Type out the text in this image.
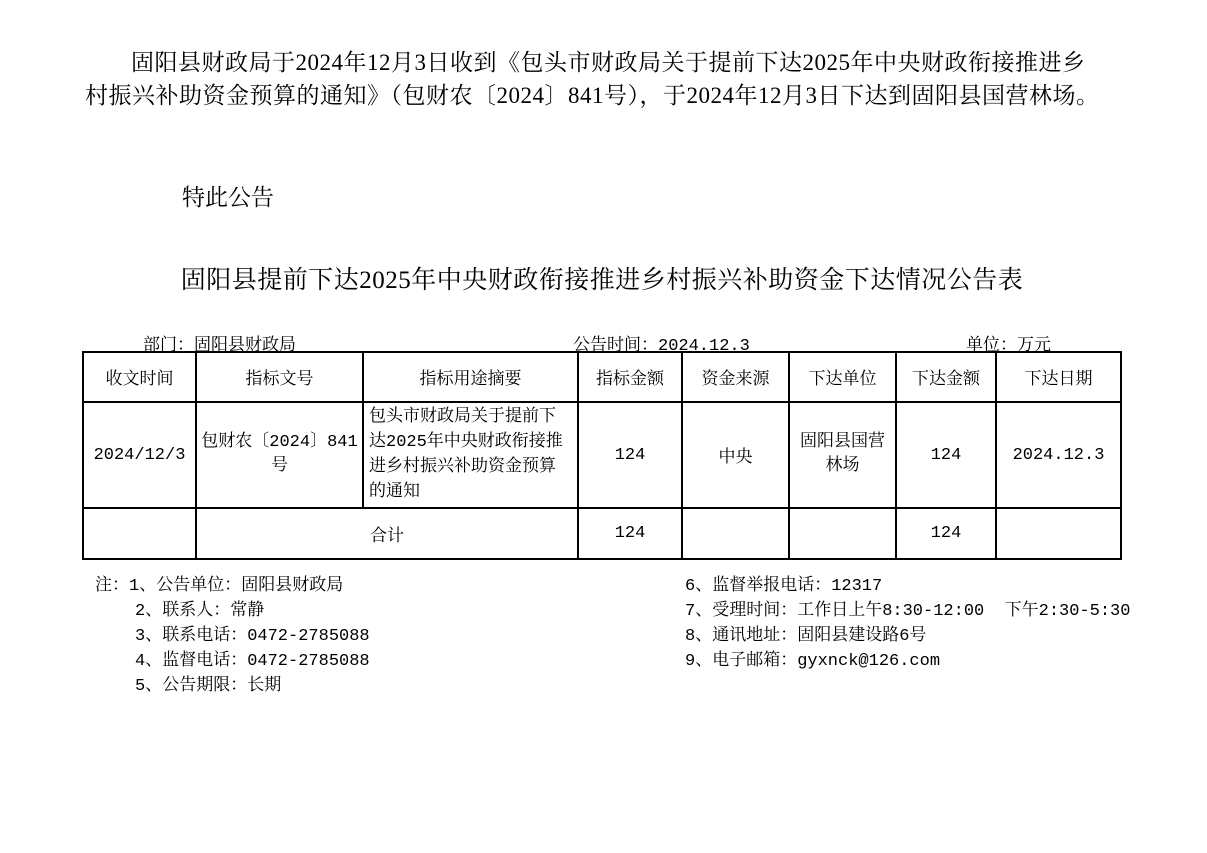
固阳县财政局于2024年12月3日收到《包头市财政局关于提前下达2025年中央财政衔接推进乡村振兴补助资金预算的通知》（包财农〔2024〕841号），于2024年12月3日下达到固阳县国营林场。

特此公告
固阳县提前下达2025年中央财政衔接推进乡村振兴补助资金下达情况公告表
部门：固阳县财政局	公告时间：2024.12.3	单位：万元
收文时间	指标文号	指标用途摘要	指标金额	资金来源	下达单位	下达金额	下达日期
2024/12/3	包财农〔2024〕841号	包头市财政局关于提前下达2025年中央财政衔接推进乡村振兴补助资金预算的通知	124	中央	固阳县国营林场	124	2024.12.3
	合计		124			124	
注：1、公告单位：固阳县财政局
2、联系人：常静
3、联系电话：0472-2785088
4、监督电话：0472-2785088
5、公告期限：长期
6、监督举报电话：12317
7、受理时间：工作日上午8:30-12:00  下午2:30-5:30
8、通讯地址：固阳县建设路6号
9、电子邮箱：gyxnck@126.com
